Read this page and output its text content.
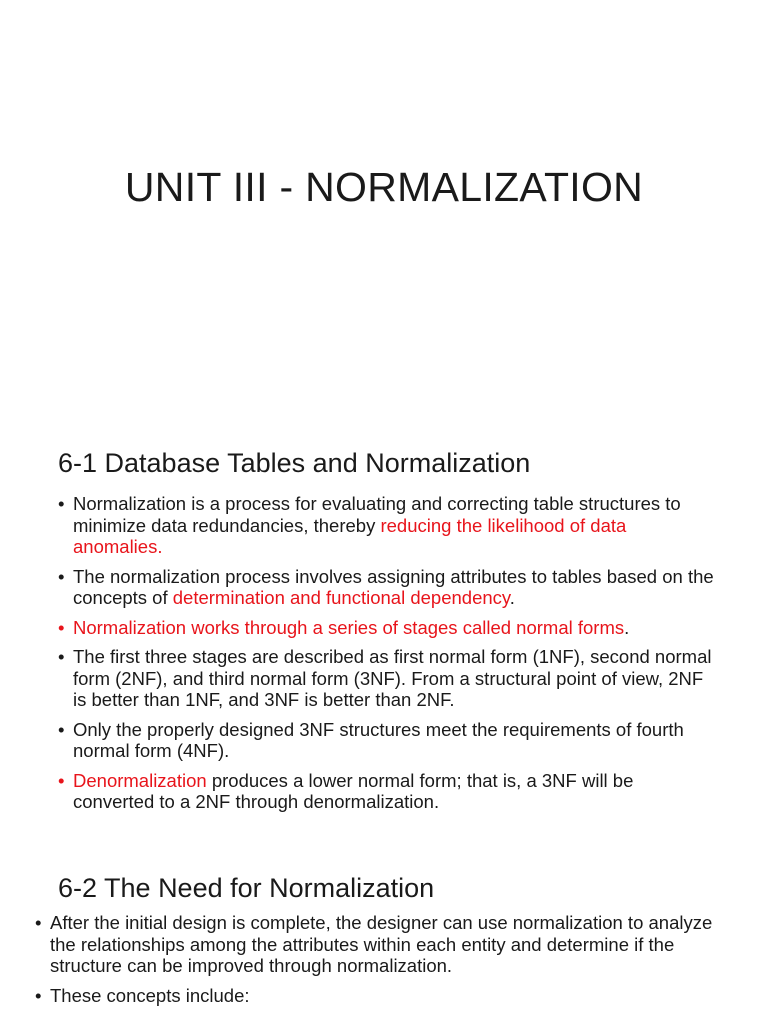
UNIT III - NORMALIZATION
6-1 Database Tables and Normalization
• Normalization is a process for evaluating and correcting table structures to minimize data redundancies, thereby reducing the likelihood of data anomalies.
• The normalization process involves assigning attributes to tables based on the concepts of determination and functional dependency.
• Normalization works through a series of stages called normal forms.
• The first three stages are described as first normal form (1NF), second normal form (2NF), and third normal form (3NF). From a structural point of view, 2NF is better than 1NF, and 3NF is better than 2NF.
• Only the properly designed 3NF structures meet the requirements of fourth normal form (4NF).
• Denormalization produces a lower normal form; that is, a 3NF will be converted to a 2NF through denormalization.
6-2 The Need for Normalization
• After the initial design is complete, the designer can use normalization to analyze the relationships among the attributes within each entity and determine if the structure can be improved through normalization.
• These concepts include:
